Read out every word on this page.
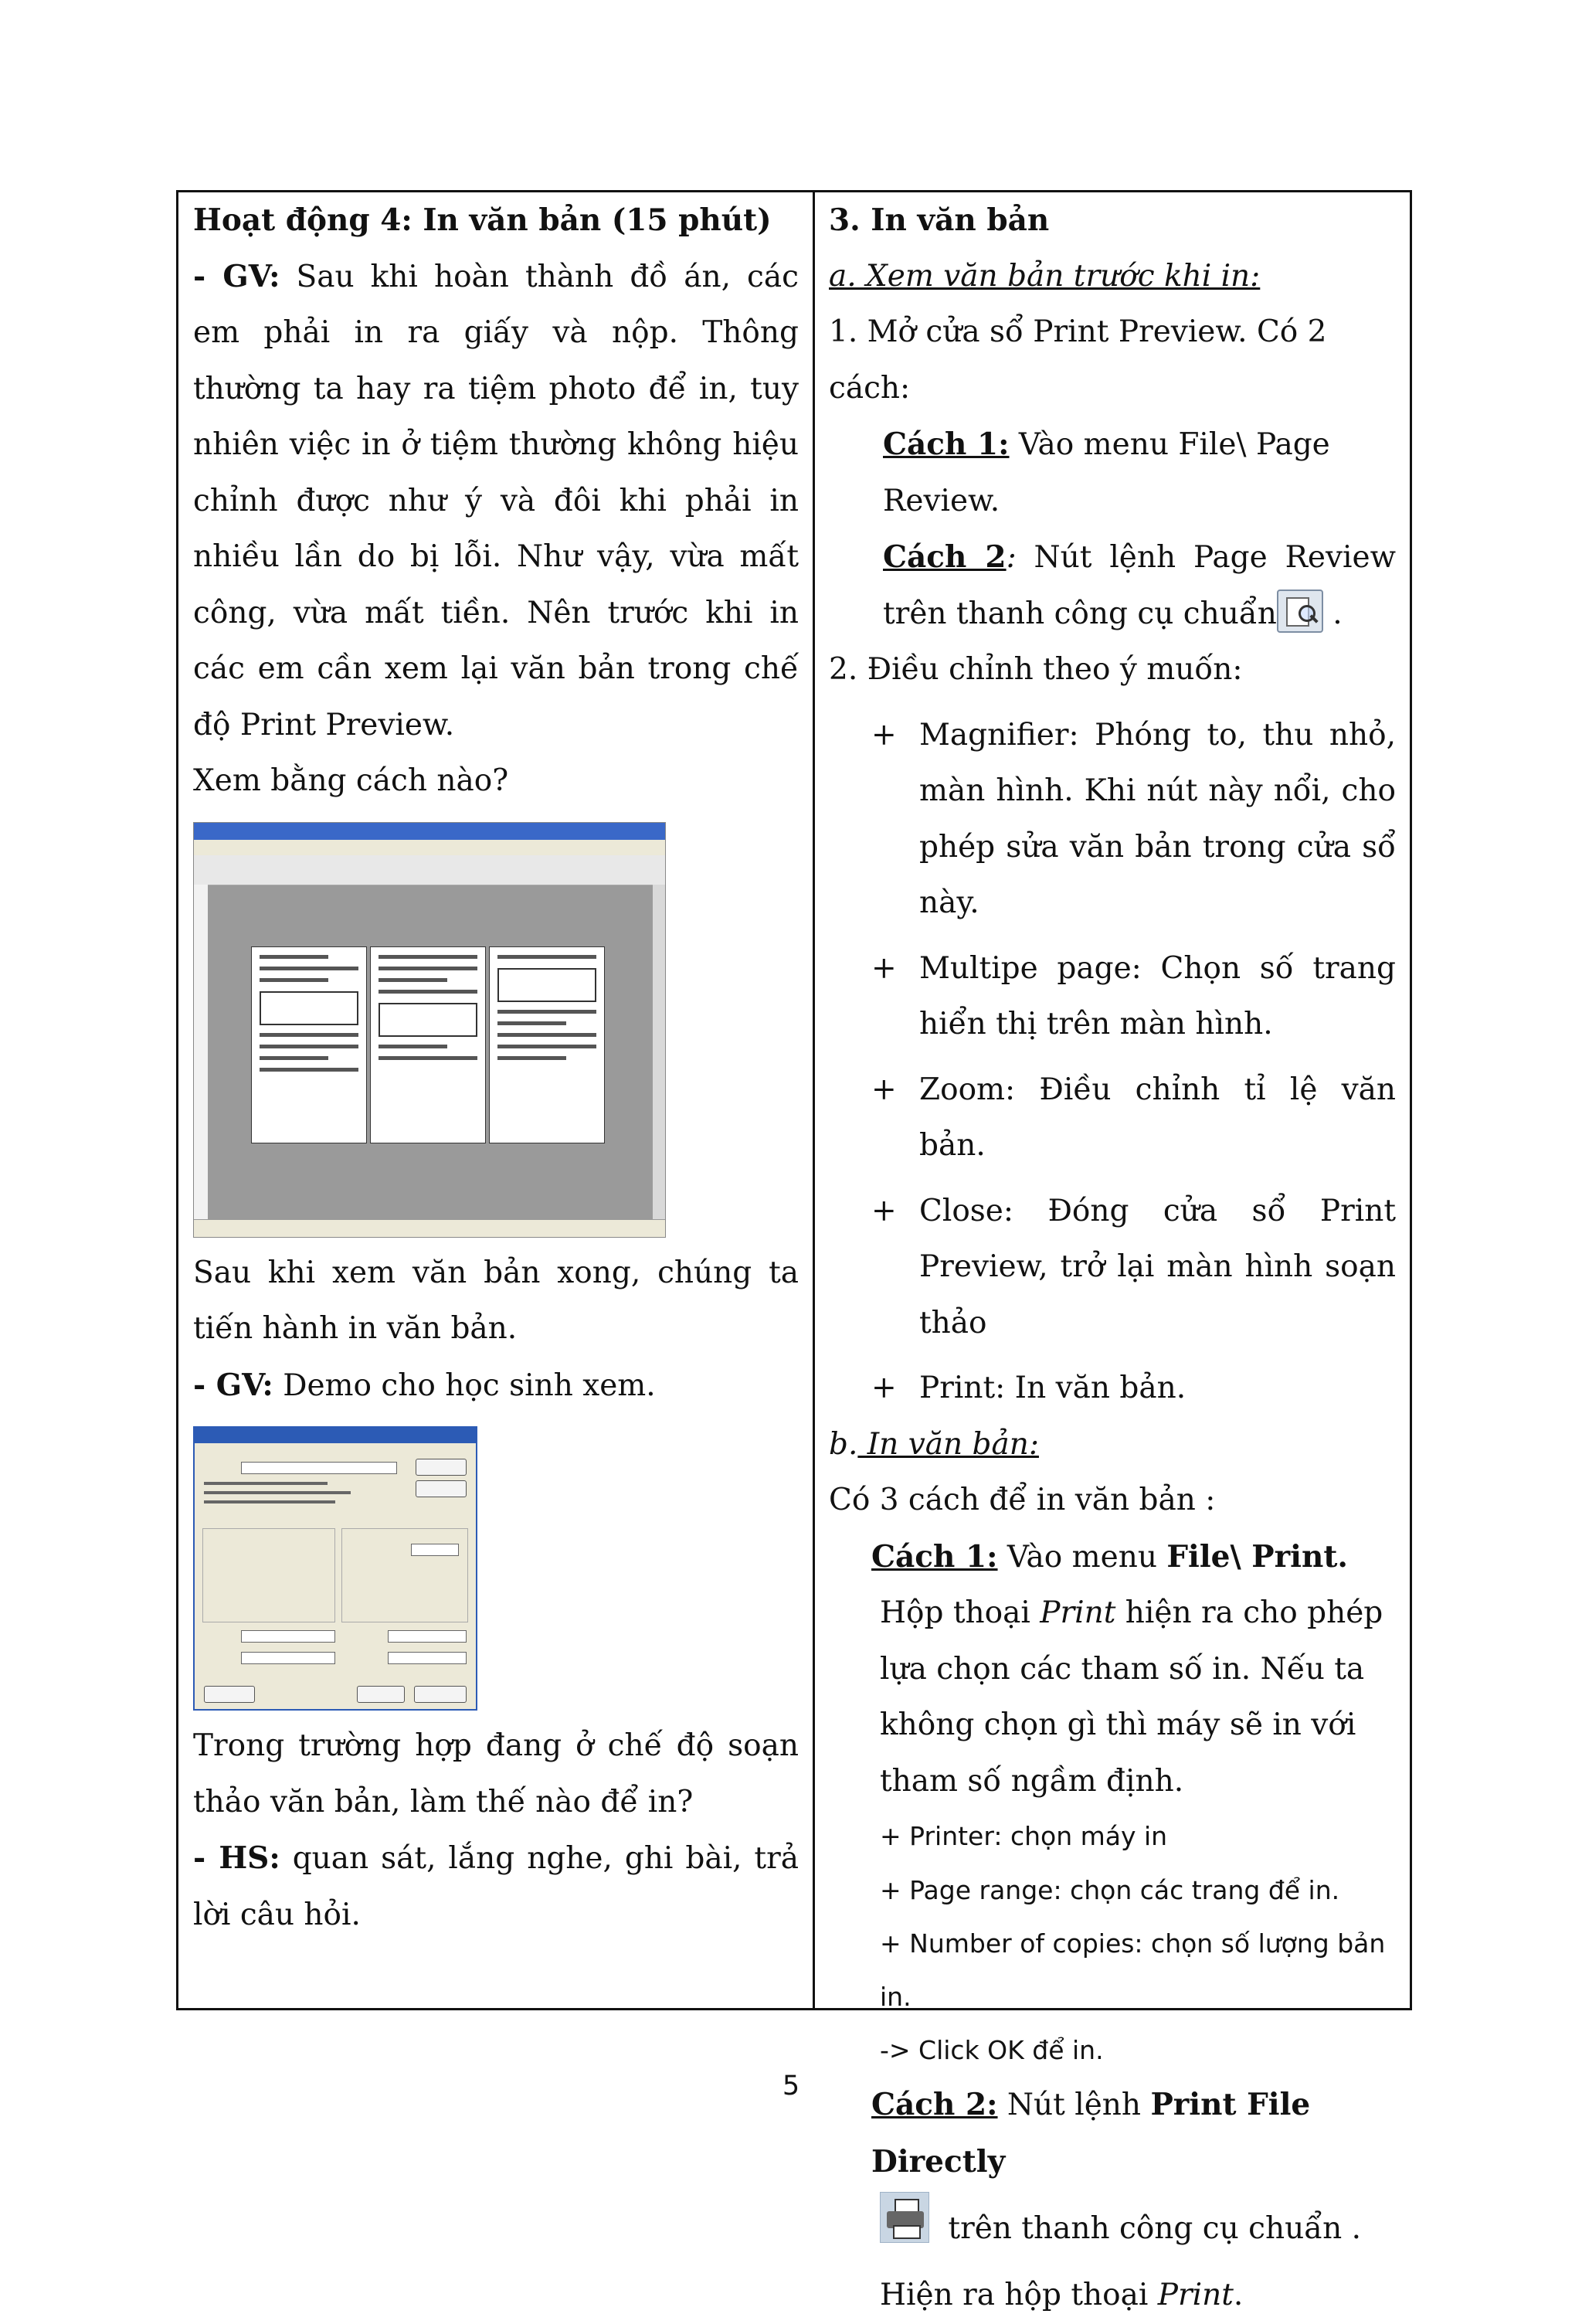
Hoạt động 4: In văn bản (15 phút)

- GV: Sau khi hoàn thành đồ án, các em phải in ra giấy và nộp. Thông thường ta hay ra tiệm photo để in, tuy nhiên việc in ở tiệm thường không hiệu chỉnh được như ý và đôi khi phải in nhiều lần do bị lỗi. Như vậy, vừa mất công, vừa mất tiền. Nên trước khi in các em cần xem lại văn bản trong chế độ Print Preview.

Xem bằng cách nào?

Sau khi xem văn bản xong, chúng ta tiến hành in văn bản.

- GV: Demo cho học sinh xem.

Trong trường hợp đang ở chế độ soạn thảo văn bản, làm thế nào để in?

- HS: quan sát, lắng nghe, ghi bài, trả lời câu hỏi.

3. In văn bản

a. Xem văn bản trước khi in:

1. Mở cửa sổ Print Preview. Có 2 cách:

Cách 1: Vào menu File\ Page Review.

Cách 2: Nút lệnh Page Review trên thanh công cụ chuẩn
.

2. Điều chỉnh theo ý muốn:

+ Magnifier: Phóng to, thu nhỏ, màn hình. Khi nút này nổi, cho phép sửa văn bản trong cửa sổ này.

+ Multipe page: Chọn số trang hiển thị trên màn hình.

+ Zoom: Điều chỉnh tỉ lệ văn bản.

+ Close: Đóng cửa sổ Print Preview, trở lại màn hình soạn thảo

+ Print: In văn bản.

b. In văn bản:

Có 3 cách để in văn bản :

Cách 1: Vào menu File\ Print.

Hộp thoại Print hiện ra cho phép lựa chọn các tham số in. Nếu ta không chọn gì thì máy sẽ in với tham số ngầm định.

+ Printer: chọn máy in

+ Page range: chọn các trang để in.

+ Number of copies: chọn số lượng bản in.

-> Click OK để in.

Cách 2: Nút lệnh Print File Directly

trên thanh công cụ chuẩn .

Hiện ra hộp thoại Print.

5
